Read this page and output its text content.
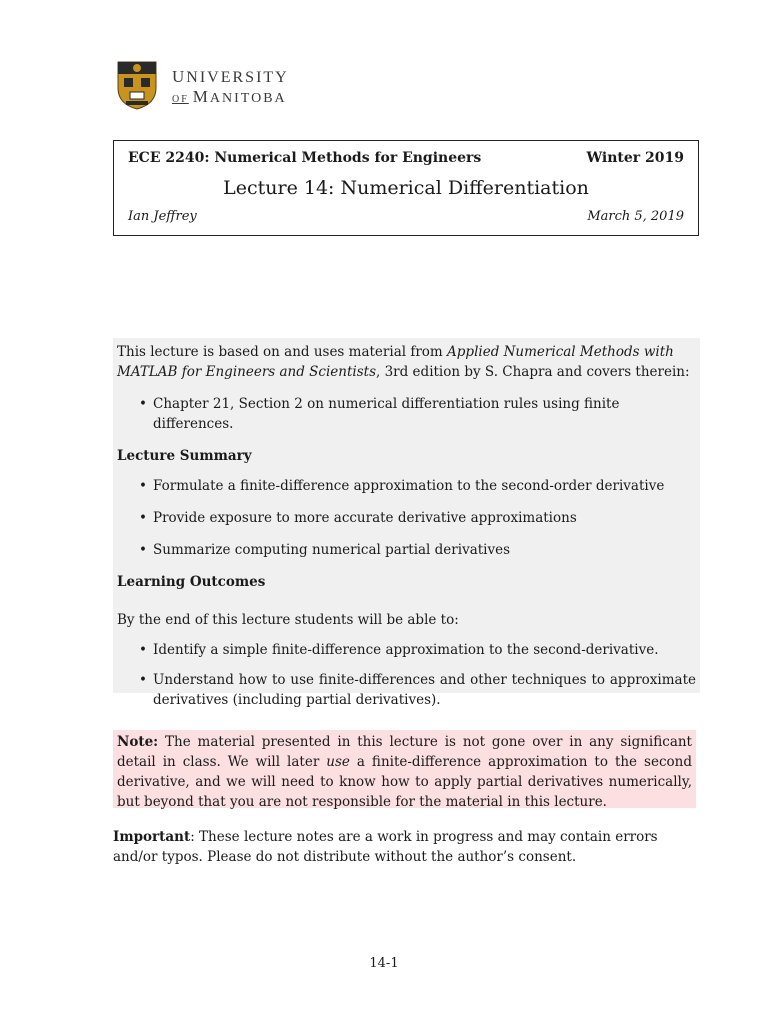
UNIVERSITY
OF MANITOBA
ECE 2240: Numerical Methods for Engineers	Winter 2019
Lecture 14: Numerical Differentiation
Ian Jeffrey	March 5, 2019

This lecture is based on and uses material from Applied Numerical Methods with MATLAB for Engineers and Scientists, 3rd edition by S. Chapra and covers therein:

• Chapter 21, Section 2 on numerical differentiation rules using finite differences.

Lecture Summary

• Formulate a finite-difference approximation to the second-order derivative
• Provide exposure to more accurate derivative approximations
• Summarize computing numerical partial derivatives

Learning Outcomes

By the end of this lecture students will be able to:

• Identify a simple finite-difference approximation to the second-derivative.
• Understand how to use finite-differences and other techniques to approximate derivatives (including partial derivatives).
Note: The material presented in this lecture is not gone over in any significant detail in class. We will later use a finite-difference approximation to the second derivative, and we will need to know how to apply partial derivatives numerically, but beyond that you are not responsible for the material in this lecture.
Important: These lecture notes are a work in progress and may contain errors and/or typos. Please do not distribute without the author’s consent.
14-1
